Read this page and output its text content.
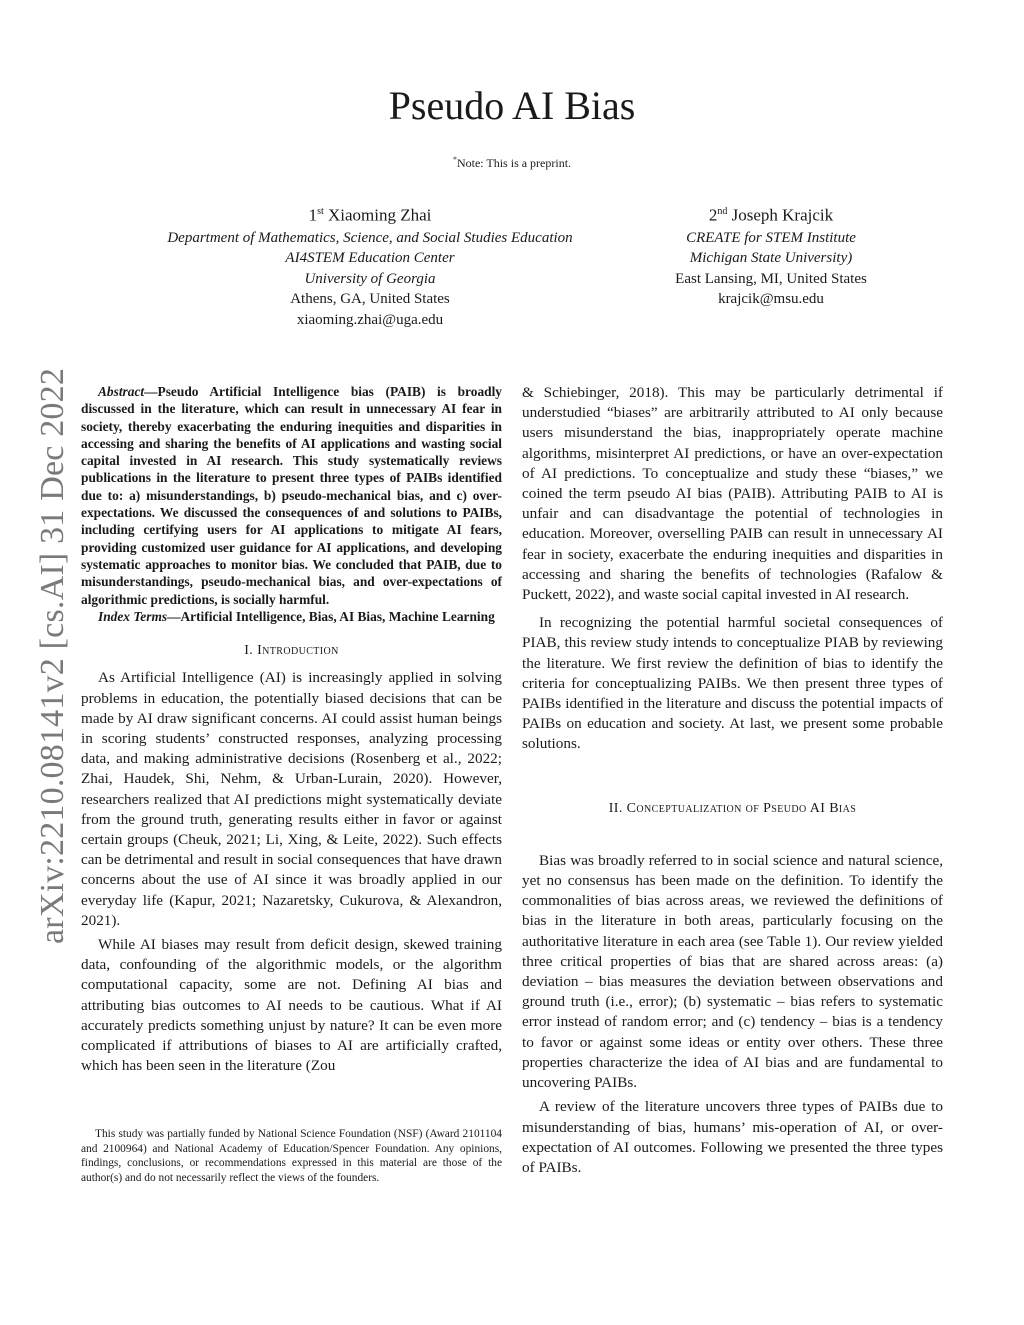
Pseudo AI Bias
*Note: This is a preprint.
1st Xiaoming Zhai
Department of Mathematics, Science, and Social Studies Education
AI4STEM Education Center
University of Georgia
Athens, GA, United States
xiaoming.zhai@uga.edu
2nd Joseph Krajcik
CREATE for STEM Institute
Michigan State University)
East Lansing, MI, United States
krajcik@msu.edu
arXiv:2210.08141v2 [cs.AI] 31 Dec 2022	Abstract—Pseudo Artificial Intelligence bias (PAIB) is broadly discussed in the literature, which can result in unnecessary AI fear in society, thereby exacerbating the enduring inequities and disparities in accessing and sharing the benefits of AI applications and wasting social capital invested in AI research. This study systematically reviews publications in the literature to present three types of PAIBs identified due to: a) misunderstandings, b) pseudo-mechanical bias, and c) over-expectations. We discussed the consequences of and solutions to PAIBs, including certifying users for AI applications to mitigate AI fears, providing customized user guidance for AI applications, and developing systematic approaches to monitor bias. We concluded that PAIB, due to misunderstandings, pseudo-mechanical bias, and over-expectations of algorithmic predictions, is socially harmful.

Index Terms—Artificial Intelligence, Bias, AI Bias, Machine Learning

I. Introduction

As Artificial Intelligence (AI) is increasingly applied in solving problems in education, the potentially biased decisions that can be made by AI draw significant concerns. AI could assist human beings in scoring students’ constructed responses, analyzing processing data, and making administrative decisions (Rosenberg et al., 2022; Zhai, Haudek, Shi, Nehm, & Urban-Lurain, 2020). However, researchers realized that AI predictions might systematically deviate from the ground truth, generating results either in favor or against certain groups (Cheuk, 2021; Li, Xing, & Leite, 2022). Such effects can be detrimental and result in social consequences that have drawn concerns about the use of AI since it was broadly applied in our everyday life (Kapur, 2021; Nazaretsky, Cukurova, & Alexandron, 2021).

While AI biases may result from deficit design, skewed training data, confounding of the algorithmic models, or the algorithm computational capacity, some are not. Defining AI bias and attributing bias outcomes to AI needs to be cautious. What if AI accurately predicts something unjust by nature? It can be even more complicated if attributions of biases to AI are artificially crafted, which has been seen in the literature (Zou

& Schiebinger, 2018). This may be particularly detrimental if understudied “biases” are arbitrarily attributed to AI only because users misunderstand the bias, inappropriately operate machine algorithms, misinterpret AI predictions, or have an over-expectation of AI predictions. To conceptualize and study these “biases,” we coined the term pseudo AI bias (PAIB). Attributing PAIB to AI is unfair and can disadvantage the potential of technologies in education. Moreover, overselling PAIB can result in unnecessary AI fear in society, exacerbate the enduring inequities and disparities in accessing and sharing the benefits of technologies (Rafalow & Puckett, 2022), and waste social capital invested in AI research.

In recognizing the potential harmful societal consequences of PIAB, this review study intends to conceptualize PIAB by reviewing the literature. We first review the definition of bias to identify the criteria for conceptualizing PAIBs. We then present three types of PAIBs identified in the literature and discuss the potential impacts of PAIBs on education and society. At last, we present some probable solutions.

II. Conceptualization of Pseudo AI Bias

Bias was broadly referred to in social science and natural science, yet no consensus has been made on the definition. To identify the commonalities of bias across areas, we reviewed the definitions of bias in the literature in both areas, particularly focusing on the authoritative literature in each area (see Table 1). Our review yielded three critical properties of bias that are shared across areas: (a) deviation – bias measures the deviation between observations and ground truth (i.e., error); (b) systematic – bias refers to systematic error instead of random error; and (c) tendency – bias is a tendency to favor or against some ideas or entity over others. These three properties characterize the idea of AI bias and are fundamental to uncovering PAIBs.

A review of the literature uncovers three types of PAIBs due to misunderstanding of bias, humans’ mis-operation of AI, or over-expectation of AI outcomes. Following we presented the three types of PAIBs.

This study was partially funded by National Science Foundation (NSF) (Award 2101104 and 2100964) and National Academy of Education/Spencer Foundation. Any opinions, findings, conclusions, or recommendations expressed in this material are those of the author(s) and do not necessarily reflect the views of the founders.
